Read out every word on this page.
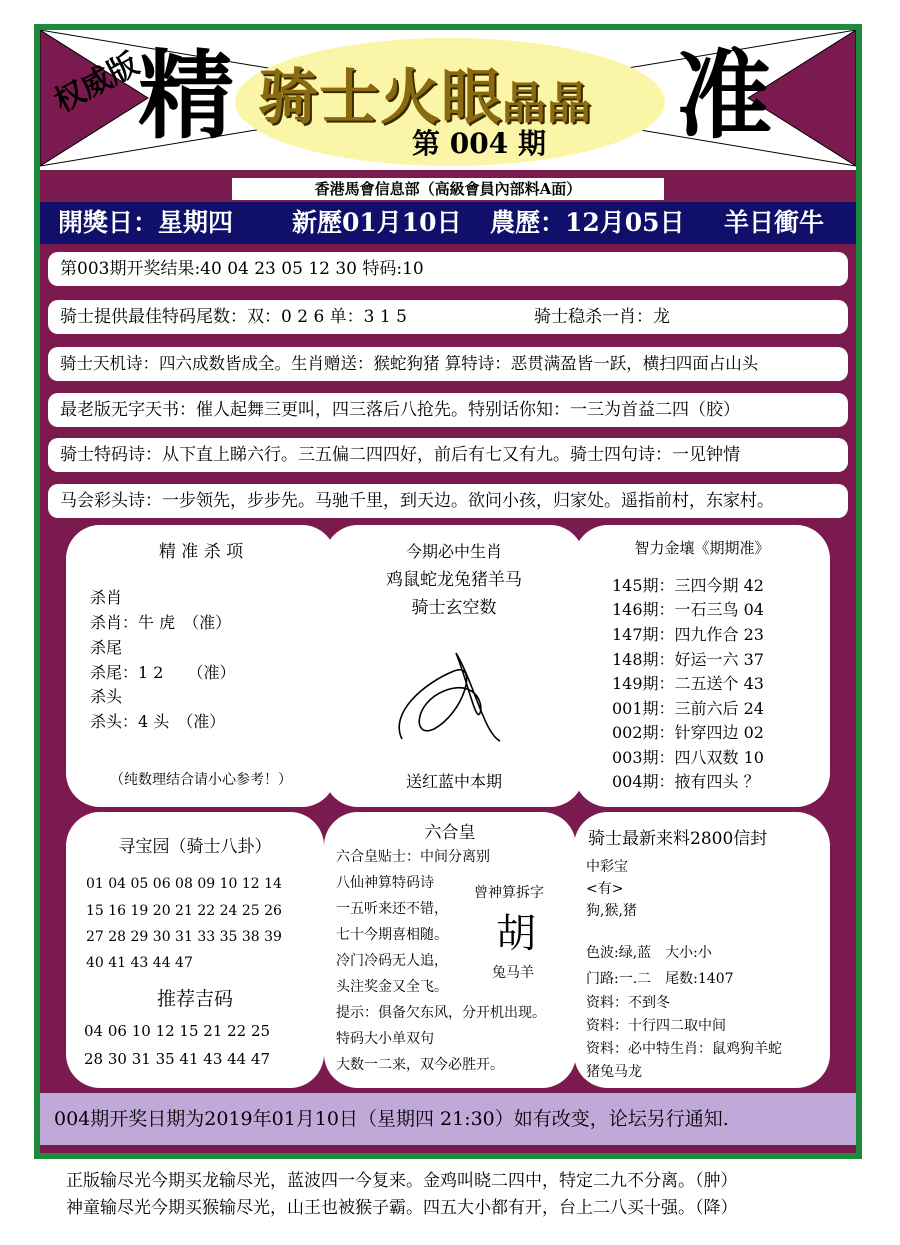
权威版
精 骑士火眼晶晶
第 004 期 准
香港馬會信息部（高級會員內部料A面）
開獎日：星期四 新歷01月10日 農歷：12月05日 羊日衝牛
第003期开奖结果:40 04 23 05 12 30 特码:10
骑士提供最佳特码尾数：双：0 2 6 单：3 1 5	骑士稳杀一肖：龙
骑士天机诗：四六成数皆成全。生肖赠送：猴蛇狗猪 算特诗：恶贯满盈皆一跃，横扫四面占山头
最老版无字天书：催人起舞三更叫，四三落后八抢先。特别话你知：一三为首益二四（胶）
骑士特码诗：从下直上睇六行。三五偏二四四好，前后有七又有九。骑士四句诗：一见钟情
马会彩头诗：一步领先，步步先。马驰千里，到天边。欲问小孩，归家处。遥指前村，东家村。
精 准 杀 项
杀肖
杀肖：牛 虎　（准）
杀尾
杀尾：1 2　　（准）
杀头
杀头：4 头　（准）
（纯数理结合请小心参考！）
今期必中生肖
鸡鼠蛇龙兔猪羊马
骑士玄空数
送红蓝中本期
智力金壤《期期准》
145期：三四今期 42
146期：一石三鸟 04
147期：四九作合 23
148期：好运一六 37
149期：二五送个 43
001期：三前六后 24
002期：针穿四边 02
003期：四八双数 10
004期：掖有四头 ？
寻宝园（骑士八卦）
01 04 05 06 08 09 10 12 14
15 16 19 20 21 22 24 25 26
27 28 29 30 31 33 35 38 39
40 41 43 44 47
推荐吉码
04 06 10 12 15 21 22 25
28 30 31 35 41 43 44 47
六合皇
六合皇贴士：中间分离别
八仙神算特码诗
一五听来还不错，
七十今期喜相随。
冷门冷码无人追，
头注奖金又全飞。
提示：俱备欠东风，分开机出现。
特码大小单双句
大数一二来，双今必胜开。
曾神算拆字
胡
兔马羊
骑士最新来料2800信封
中彩宝
<有>
狗,猴,猪
色波:绿,蓝　大小:小
门路:一.二　尾数:1407
资料：不到冬
资料：十行四二取中间
资料：必中特生肖：鼠鸡狗羊蛇
猪兔马龙
004期开奖日期为2019年01月10日（星期四 21:30）如有改变，论坛另行通知.
正版输尽光今期买龙输尽光，蓝波四一今复来。金鸡叫晓二四中，特定二九不分离。（肿）
神童输尽光今期买猴输尽光，山王也被猴子霸。四五大小都有开，台上二八买十强。（降）
